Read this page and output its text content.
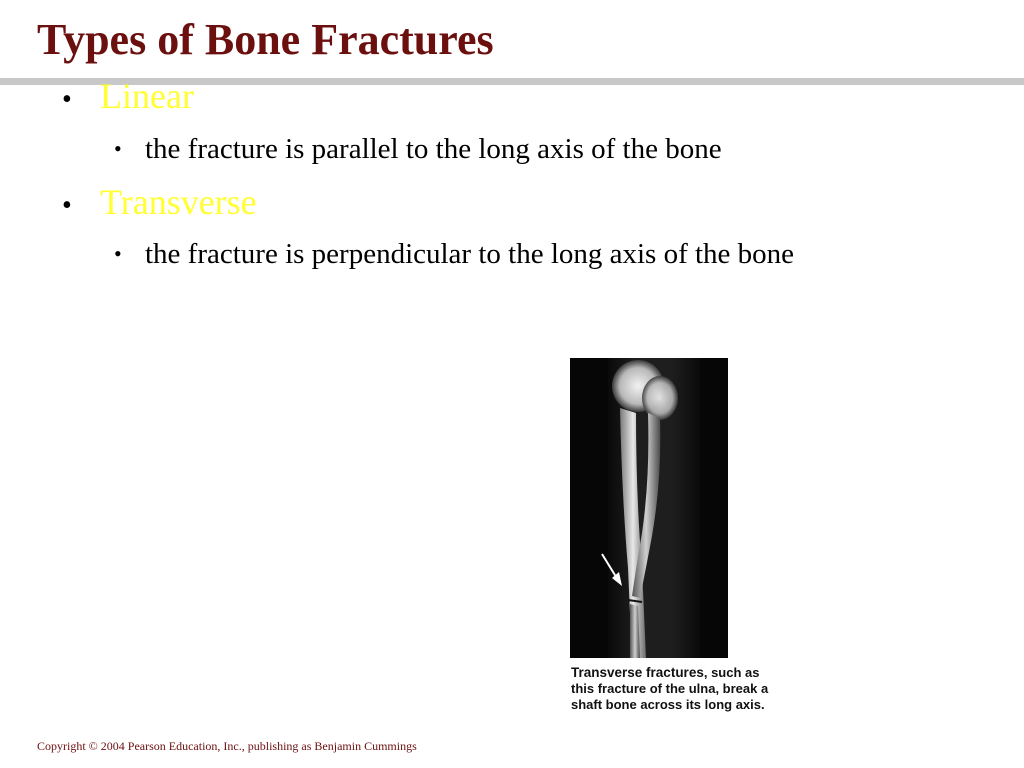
Types of Bone Fractures
• Linear
• the fracture is parallel to the long axis of the bone
• Transverse
• the fracture is perpendicular to the long axis of the bone
Transverse fractures, such as this fracture of the ulna, break a shaft bone across its long axis.
Copyright © 2004 Pearson Education, Inc., publishing as Benjamin Cummings
